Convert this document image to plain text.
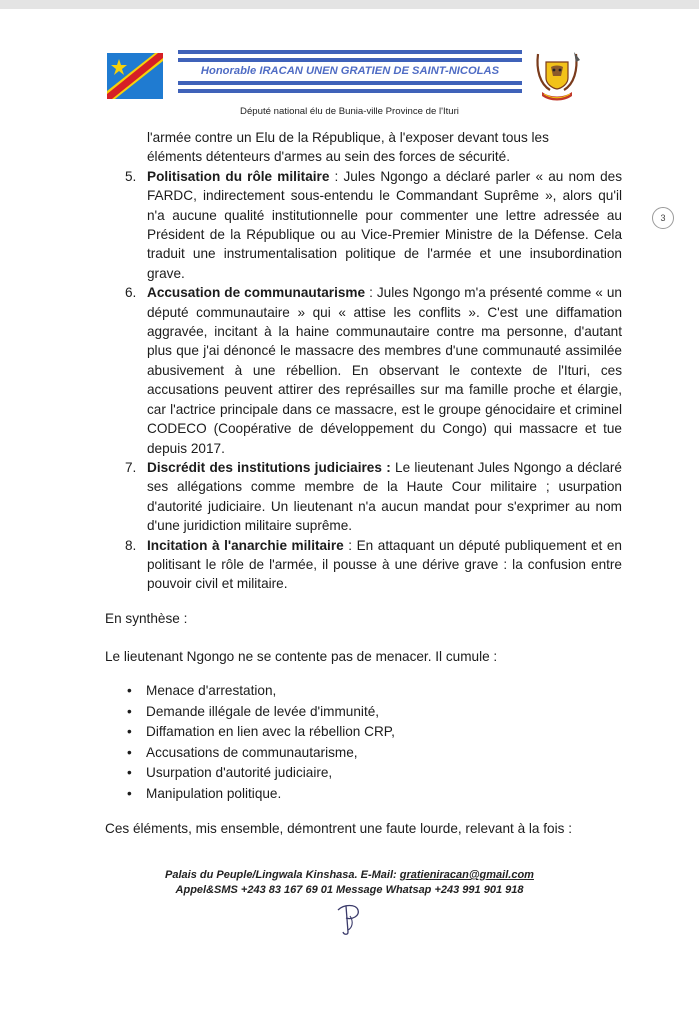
Honorable IRACAN UNEN GRATIEN DE SAINT-NICOLAS
Député national élu de Bunia-ville Province de l'Ituri
3

l'armée contre un Elu de la République, à l'exposer devant tous les

éléments détenteurs d'armes au sein des forces de sécurité.

5. Politisation du rôle militaire : Jules Ngongo a déclaré parler « au nom des FARDC, indirectement sous-entendu le Commandant Suprême », alors qu'il n'a aucune qualité institutionnelle pour commenter une lettre adressée au Président de la République ou au Vice-Premier Ministre de la Défense. Cela traduit une instrumentalisation politique de l'armée et une insubordination grave.

6. Accusation de communautarisme : Jules Ngongo m'a présenté comme « un député communautaire » qui « attise les conflits ». C'est une diffamation aggravée, incitant à la haine communautaire contre ma personne, d'autant plus que j'ai dénoncé le massacre des membres d'une communauté assimilée abusivement à une rébellion. En observant le contexte de l'Ituri, ces accusations peuvent attirer des représailles sur ma famille proche et élargie, car l'actrice principale dans ce massacre, est le groupe génocidaire et criminel CODECO (Coopérative de développement du Congo) qui massacre et tue depuis 2017.

7. Discrédit des institutions judiciaires : Le lieutenant Jules Ngongo a déclaré ses allégations comme membre de la Haute Cour militaire ; usurpation d'autorité judiciaire. Un lieutenant n'a aucun mandat pour s'exprimer au nom d'une juridiction militaire suprême.

8. Incitation à l'anarchie militaire : En attaquant un député publiquement et en politisant le rôle de l'armée, il pousse à une dérive grave : la confusion entre pouvoir civil et militaire.

En synthèse :
Le lieutenant Ngongo ne se contente pas de menacer. Il cumule :
• Menace d'arrestation,
• Demande illégale de levée d'immunité,
• Diffamation en lien avec la rébellion CRP,
• Accusations de communautarisme,
• Usurpation d'autorité judiciaire,
• Manipulation politique.
Ces éléments, mis ensemble, démontrent une faute lourde, relevant à la fois :
Palais du Peuple/Lingwala Kinshasa. E-Mail: gratieniracan@gmail.com
Appel&SMS +243 83 167 69 01 Message Whatsap +243 991 901 918
